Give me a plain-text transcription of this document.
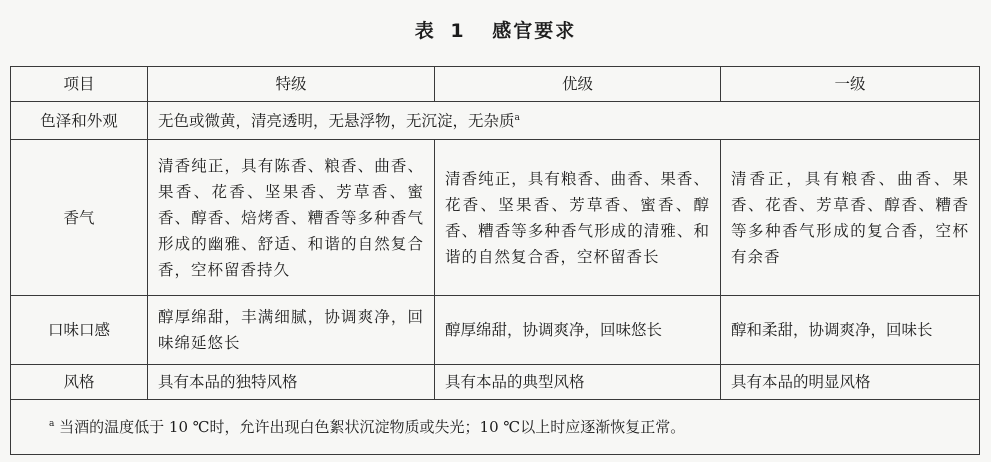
表 1 感官要求
项目	特级	优级	一级
色泽和外观	无色或微黄，清亮透明，无悬浮物，无沉淀，无杂质$^a$
香气	清香纯正，具有陈香、粮香、曲香、果香、花香、坚果香、芳草香、蜜香、醇香、焙烤香、糟香等多种香气形成的幽雅、舒适、和谐的自然复合香，空杯留香持久	清香纯正，具有粮香、曲香、果香、花香、坚果香、芳草香、蜜香、醇香、糟香等多种香气形成的清雅、和谐的自然复合香，空杯留香长	清香正，具有粮香、曲香、果香、花香、芳草香、醇香、糟香等多种香气形成的复合香，空杯有余香
口味口感	醇厚绵甜，丰满细腻，协调爽净，回味绵延悠长	醇厚绵甜，协调爽净，回味悠长	醇和柔甜，协调爽净，回味长
风格	具有本品的独特风格	具有本品的典型风格	具有本品的明显风格
$^a$ 当酒的温度低于 10 ℃时，允许出现白色絮状沉淀物质或失光；10 ℃以上时应逐渐恢复正常。			
